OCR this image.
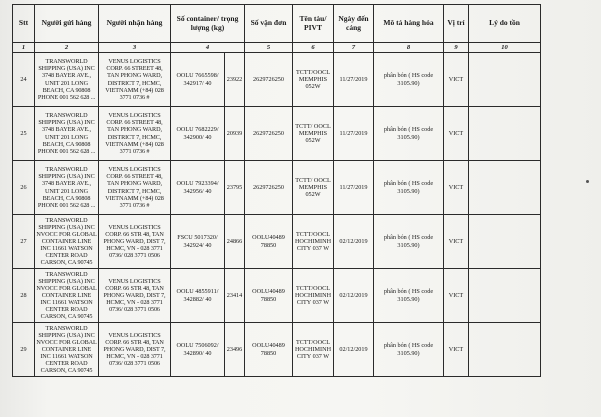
Stt	Người gửi hàng	Người nhận hàng	Số container/ trọng lượng (kg)		Số vận đơn	Tên tàu/ PIVT	Ngày đến cảng	Mô tả hàng hóa	Vị trí	Lý do tồn
1	2	3	4		5	6	7	8	9	10
24	TRANSWORLD SHIPPING (USA) INC 3748 BAYER AVE., UNIT 201 LONG BEACH, CA 90808 PHONE 001 562 628 ...	VENUS LOGISTICS CORP. 66 STREET 48, TAN PHONG WARD, DISTRICT 7, HCMC, VIETNAMM (+84) 028 3771 0736 #	OOLU 7665598/ 342917/ 40	23922	2629726250	TCTT/OOCL MEMPHIS 052W	11/27/2019	phân bón ( HS code 3105.90)	VICT	
25	TRANSWORLD SHIPPING (USA) INC 3748 BAYER AVE., UNIT 201 LONG BEACH, CA 90808 PHONE 001 562 628 ...	VENUS LOGISTICS CORP. 66 STREET 48, TAN PHONG WARD, DISTRICT 7, HCMC, VIETNAMM (+84) 028 3771 0736 #	OOLU 7682229/ 342900/ 40	20939	2629726250	TCTT/ OOCL MEMPHIS 052W	11/27/2019	phân bón ( HS code 3105.90)	VICT	
26	TRANSWORLD SHIPPING (USA) INC 3748 BAYER AVE., UNIT 201 LONG BEACH, CA 90808 PHONE 001 562 628 ...	VENUS LOGISTICS CORP. 66 STREET 48, TAN PHONG WARD, DISTRICT 7, HCMC, VIETNAMM (+84) 028 3771 0736 #	OOLU 7923394/ 342956/ 40	23795	2629726250	TCTT/ OOCL MEMPHIS 052W	11/27/2019	phân bón ( HS code 3105.90)	VICT	
27	TRANSWORLD SHIPPING (USA) INC NVOCC FOR GLOBAL CONTAINER LINE INC 11661 WATSON CENTER ROAD CARSON, CA 90745	VENUS LOGISTICS CORP. 66 STR 48, TAN PHONG WARD, DIST 7, HCMC, VN - 028 3771 0736/ 028 3771 0506	FSCU 5017320/ 342924/ 40	24866	OOLU40489 78850	TCTT/OOCL HOCHIMINH CITY 037 W	02/12/2019	phân bón ( HS code 3105.90)	VICT	
28	TRANSWORLD SHIPPING (USA) INC NVOCC FOR GLOBAL CONTAINER LINE INC 11661 WATSON CENTER ROAD CARSON, CA 90745	VENUS LOGISTICS CORP. 66 STR 48, TAN PHONG WARD, DIST 7, HCMC, VN - 028 3771 0736/ 028 3771 0506	OOLU 4855911/ 342882/ 40	23414	OOLU40489 78850	TCTT/OOCL HOCHIMINH CITY 037 W	02/12/2019	phân bón ( HS code 3105.90)	VICT	
29	TRANSWORLD SHIPPING (USA) INC NVOCC FOR GLOBAL CONTAINER LINE INC 11661 WATSON CENTER ROAD CARSON, CA 90745	VENUS LOGISTICS CORP. 66 STR 48, TAN PHONG WARD, DIST 7, HCMC, VN - 028 3771 0736/ 028 3771 0506	OOLU 7506092/ 342890/ 40	23496	OOLU40489 78850	TCTT/OOCL HOCHIMINH CITY 037 W	02/12/2019	phân bón ( HS code 3105.90)	VICT	
